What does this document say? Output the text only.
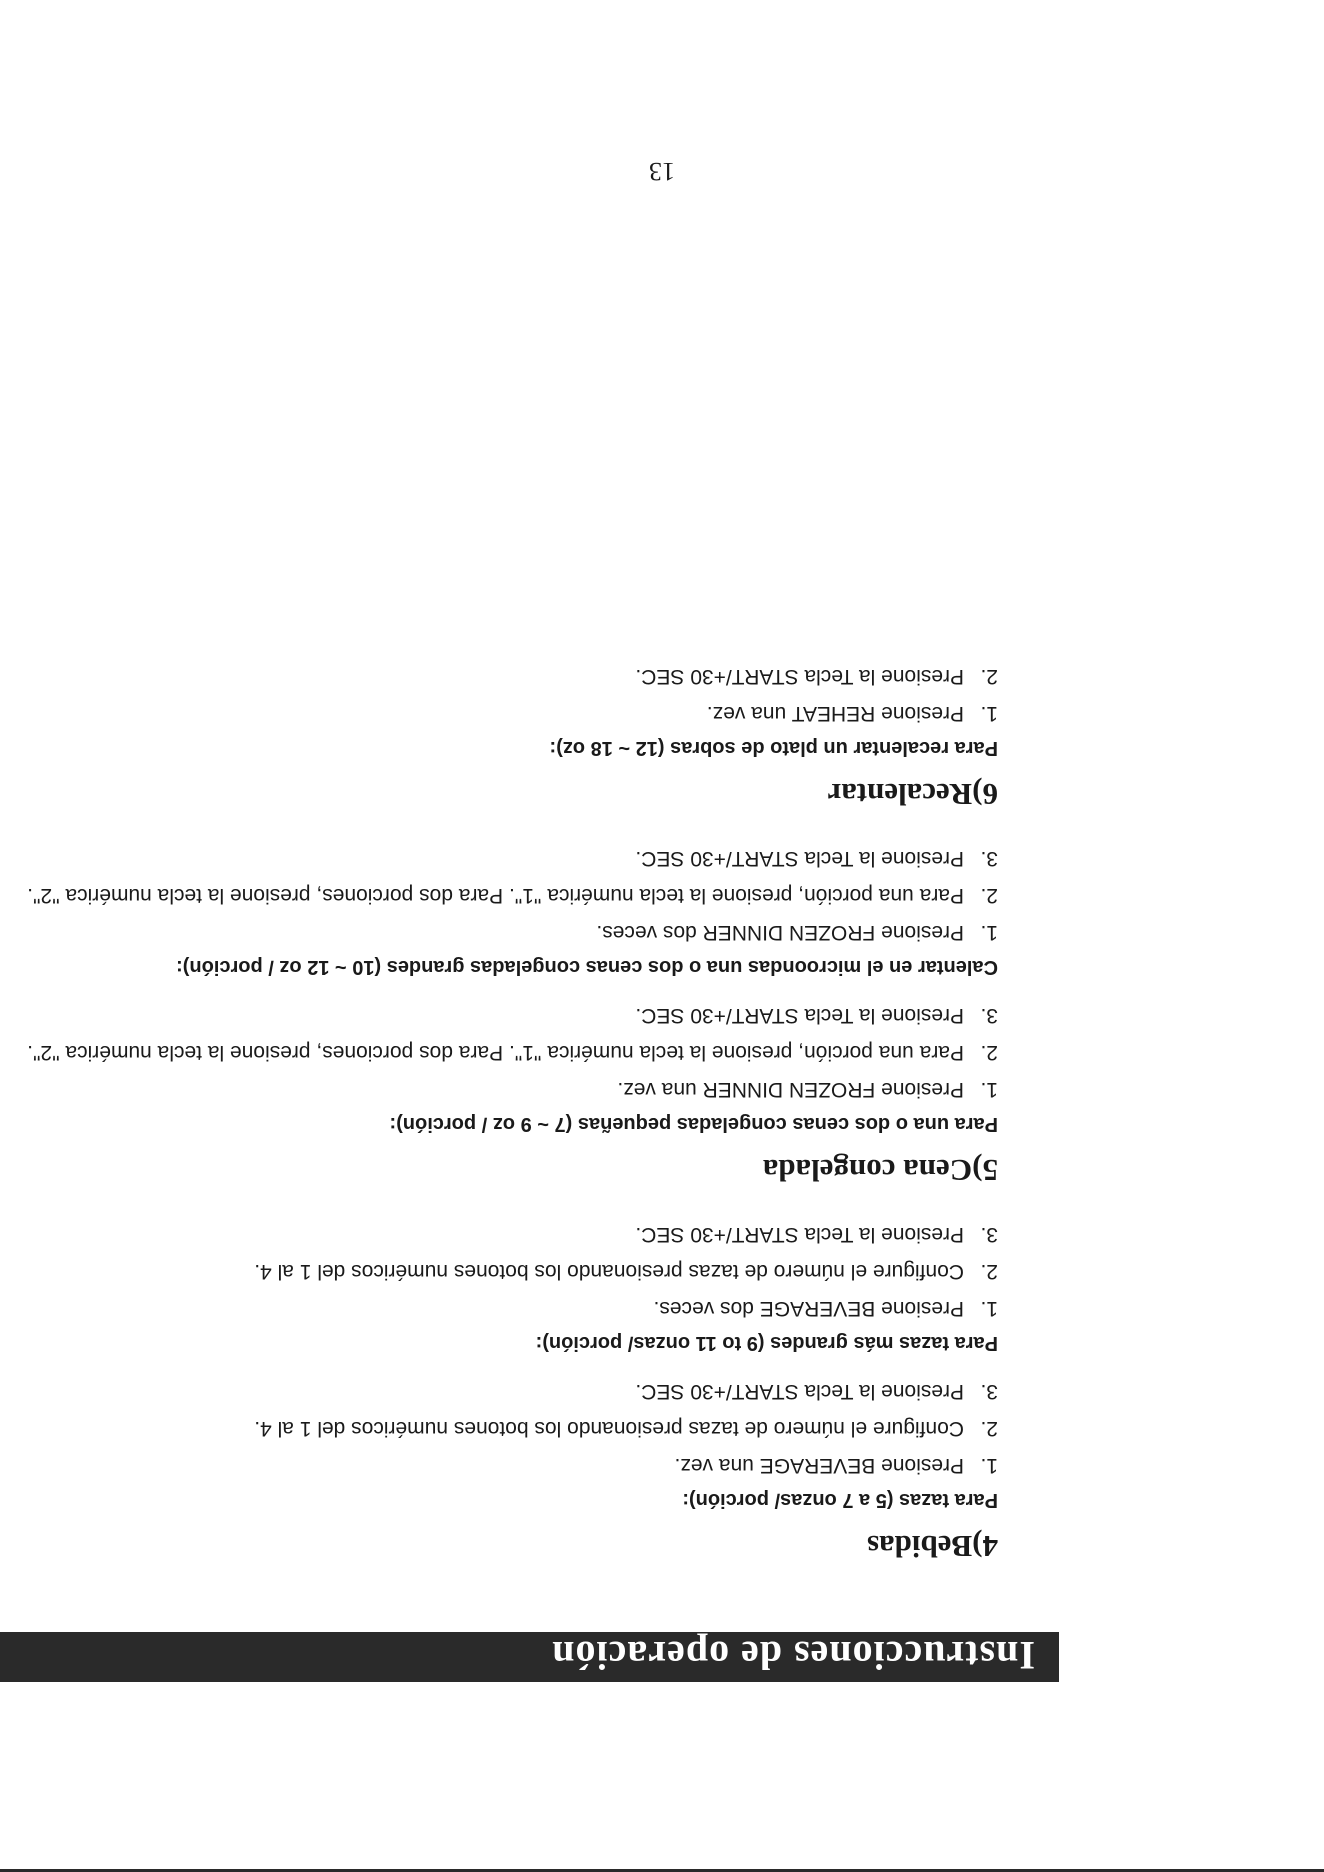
Instrucciones de operación
4)Bebidas

Para tazas (5 a 7 onzas/ porción):

1.
Presione BEVERAGE una vez.
2.
Configure el número de tazas presionando los botones numéricos del 1 al 4.
3.
Presione la Tecla START/+30 SEC.

Para tazas más grandes (9 to 11 onzas/ porción):

1.
Presione BEVERAGE dos veces.
2.
Configure el número de tazas presionando los botones numéricos del 1 al 4.
3.
Presione la Tecla START/+30 SEC.
5)Cena congelada

Para una o dos cenas congeladas pequeñas (7 ~ 9 oz / porción):

1.
Presione FROZEN DINNER una vez.
2.
Para una porción, presione la tecla numérica "1". Para dos porciones, presione la tecla numérica "2".
3.
Presione la Tecla START/+30 SEC.

Calentar en el microondas una o dos cenas congeladas grandes (10 ~ 12 oz / porción):

1.
Presione FROZEN DINNER dos veces.
2.
Para una porción, presione la tecla numérica "1". Para dos porciones, presione la tecla numérica "2".
3.
Presione la Tecla START/+30 SEC.
6)Recalentar

Para recalentar un plato de sobras (12 ~ 18 oz):

1.
Presione REHEAT una vez.
2.
Presione la Tecla START/+30 SEC.
13
